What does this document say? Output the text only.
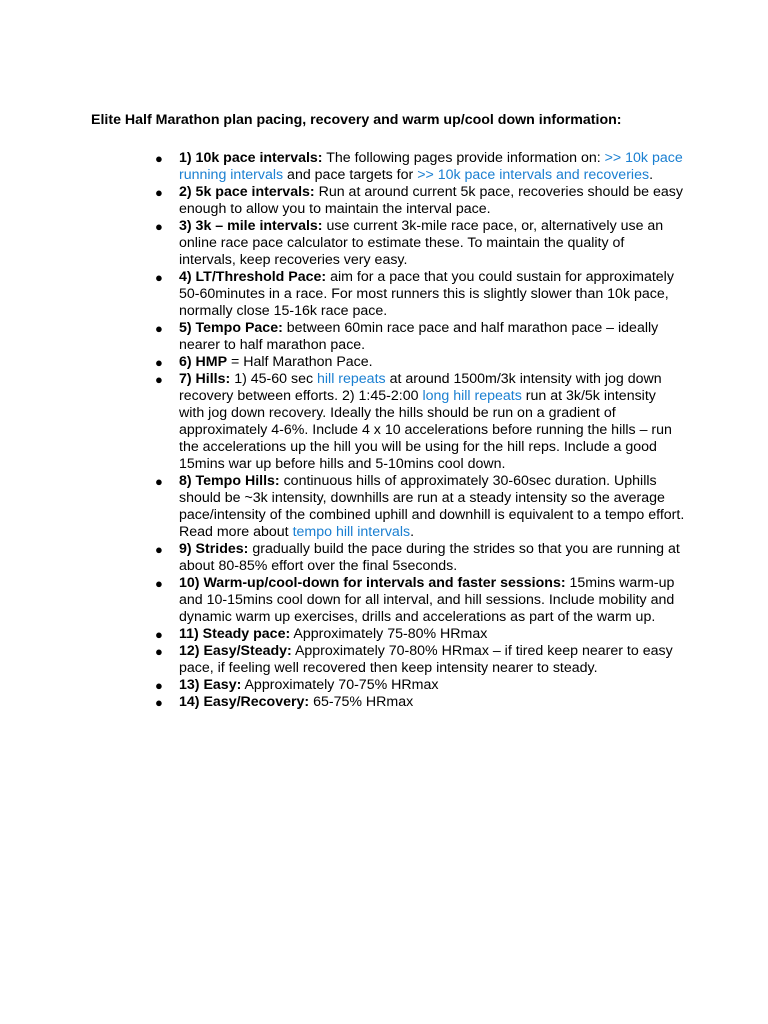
Elite Half Marathon plan pacing, recovery and warm up/cool down information:
● 1) 10k pace intervals: The following pages provide information on: >> 10k pace running intervals and pace targets for >> 10k pace intervals and recoveries.
● 2) 5k pace intervals: Run at around current 5k pace, recoveries should be easy enough to allow you to maintain the interval pace.
● 3) 3k – mile intervals: use current 3k-mile race pace, or, alternatively use an online race pace calculator to estimate these. To maintain the quality of intervals, keep recoveries very easy.
● 4) LT/Threshold Pace: aim for a pace that you could sustain for approximately 50-60minutes in a race. For most runners this is slightly slower than 10k pace, normally close 15-16k race pace.
● 5) Tempo Pace: between 60min race pace and half marathon pace – ideally nearer to half marathon pace.
● 6) HMP = Half Marathon Pace.
● 7) Hills: 1) 45-60 sec hill repeats at around 1500m/3k intensity with jog down recovery between efforts. 2) 1:45-2:00 long hill repeats run at 3k/5k intensity with jog down recovery. Ideally the hills should be run on a gradient of approximately 4-6%. Include 4 x 10 accelerations before running the hills – run the accelerations up the hill you will be using for the hill reps. Include a good 15mins war up before hills and 5-10mins cool down.
● 8) Tempo Hills: continuous hills of approximately 30-60sec duration. Uphills should be ~3k intensity, downhills are run at a steady intensity so the average pace/intensity of the combined uphill and downhill is equivalent to a tempo effort. Read more about tempo hill intervals.
● 9) Strides: gradually build the pace during the strides so that you are running at about 80-85% effort over the final 5seconds.
● 10) Warm-up/cool-down for intervals and faster sessions: 15mins warm-up and 10-15mins cool down for all interval, and hill sessions. Include mobility and dynamic warm up exercises, drills and accelerations as part of the warm up.
● 11) Steady pace: Approximately 75-80% HRmax
● 12) Easy/Steady: Approximately 70-80% HRmax – if tired keep nearer to easy pace, if feeling well recovered then keep intensity nearer to steady.
● 13) Easy: Approximately 70-75% HRmax
● 14) Easy/Recovery: 65-75% HRmax
